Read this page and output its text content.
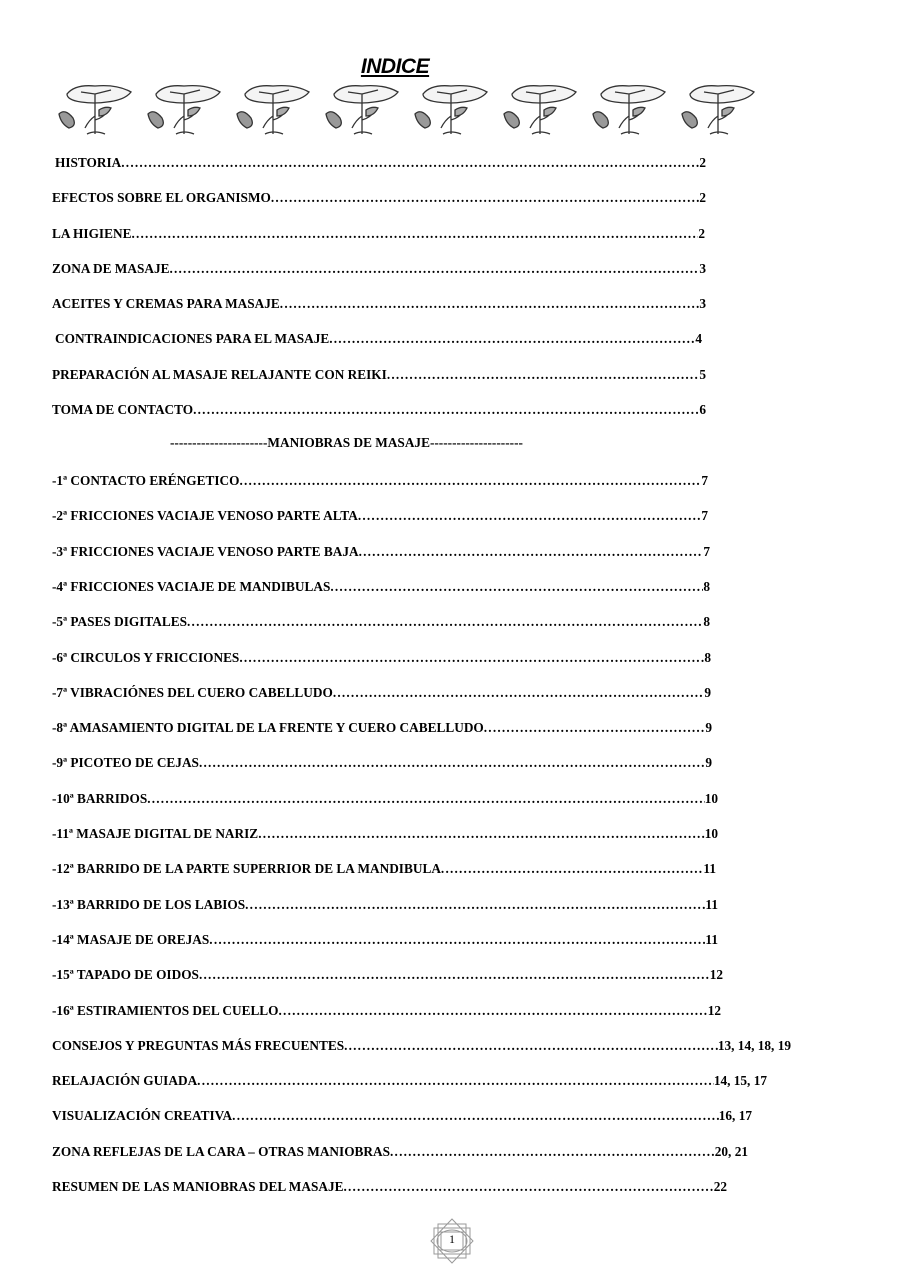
INDICE
HISTORIA .....	2
EFECTOS SOBRE EL ORGANISMO .....	2
LA HIGIENE .....	2
ZONA DE MASAJE .....	3
ACEITES Y CREMAS PARA MASAJE .....	3
CONTRAINDICACIONES PARA EL MASAJE .....	4
PREPARACIÓN AL MASAJE RELAJANTE CON REIKI .....	5
TOMA DE CONTACTO .....	6
-1ª CONTACTO ERÉNGETICO .....	7
-2ª FRICCIONES VACIAJE VENOSO PARTE ALTA .....	7
-3ª FRICCIONES VACIAJE VENOSO PARTE BAJA .....	7
-4ª FRICCIONES VACIAJE DE MANDIBULAS .....	8
-5ª PASES DIGITALES .....	8
-6ª CIRCULOS Y FRICCIONES .....	8
-7ª VIBRACIÓNES DEL CUERO CABELLUDO .....	9
-8ª AMASAMIENTO DIGITAL DE LA FRENTE Y CUERO CABELLUDO .....	9
-9ª PICOTEO DE CEJAS .....	9
-10ª BARRIDOS .....	10
-11ª MASAJE DIGITAL DE NARIZ .....	10
-12ª BARRIDO DE LA PARTE SUPERRIOR DE LA MANDIBULA .....	11
-13ª BARRIDO DE LOS LABIOS .....	11
-14ª MASAJE DE OREJAS .....	11
-15ª TAPADO DE OIDOS .....	12
-16ª ESTIRAMIENTOS DEL CUELLO .....	12
CONSEJOS Y PREGUNTAS MÁS FRECUENTES .....	13, 14, 18, 19
RELAJACIÓN GUIADA .....	14, 15, 17
VISUALIZACIÓN CREATIVA .....	16, 17
ZONA REFLEJAS DE LA CARA – OTRAS MANIOBRAS .....	20, 21
RESUMEN DE LAS MANIOBRAS DEL MASAJE .....	22
----------------------MANIOBRAS DE MASAJE---------------------
1
